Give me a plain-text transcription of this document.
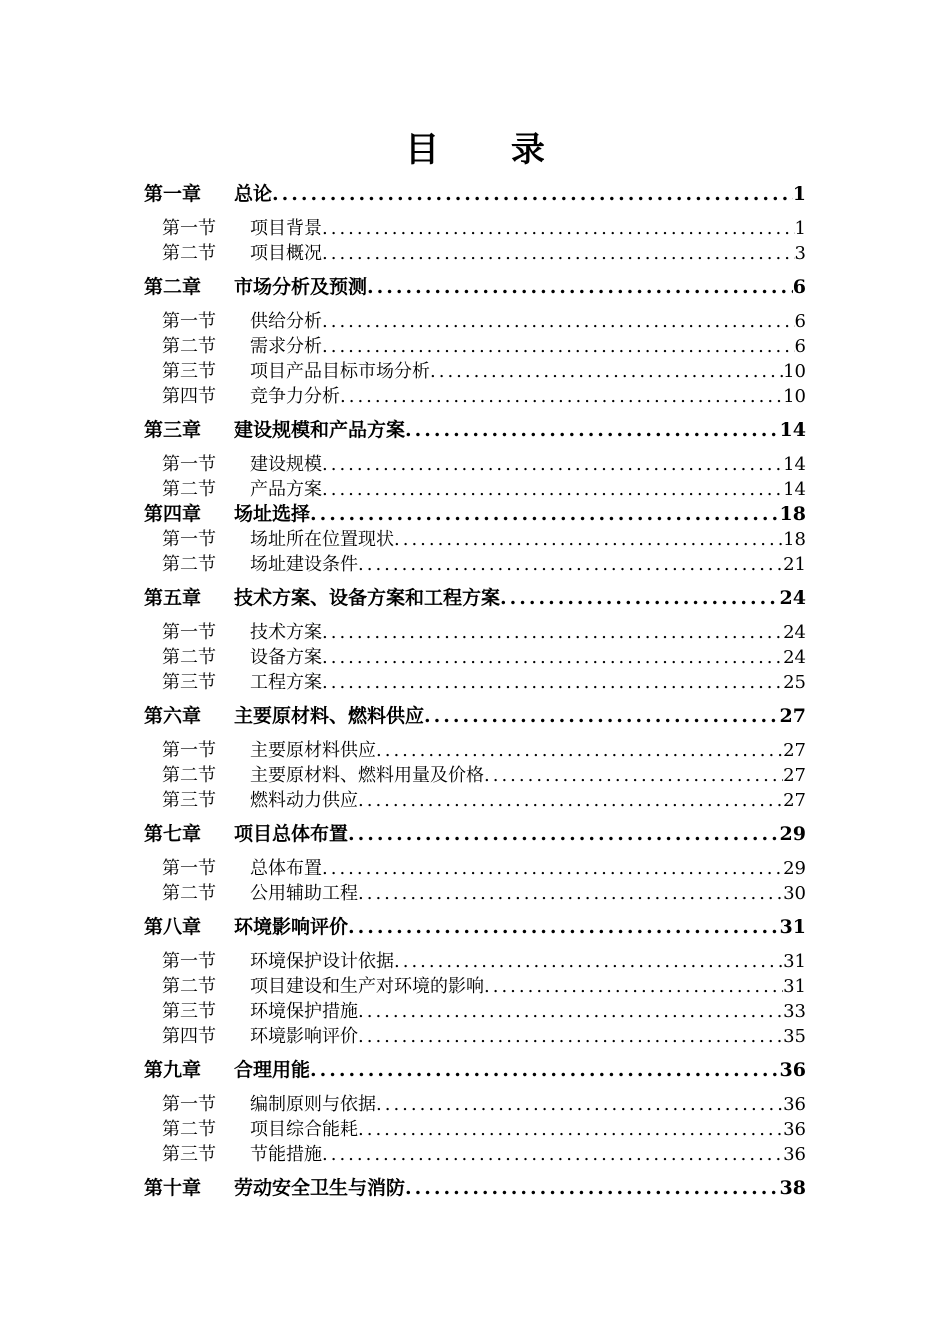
目 录
第一章	总论 .....	1
第一节	项目背景 .....	1
第二节	项目概况 .....	3
第二章	市场分析及预测 .....	6
第一节	供给分析 .....	6
第二节	需求分析 .....	6
第三节	项目产品目标市场分析 .....	10
第四节	竞争力分析 .....	10
第三章	建设规模和产品方案 .....	14
第一节	建设规模 .....	14
第二节	产品方案 .....	14
第四章	场址选择 .....	18
第一节	场址所在位置现状 .....	18
第二节	场址建设条件 .....	21
第五章	技术方案、设备方案和工程方案 .....	24
第一节	技术方案 .....	24
第二节	设备方案 .....	24
第三节	工程方案 .....	25
第六章	主要原材料、燃料供应 .....	27
第一节	主要原材料供应 .....	27
第二节	主要原材料、燃料用量及价格 .....	27
第三节	燃料动力供应 .....	27
第七章	项目总体布置 .....	29
第一节	总体布置 .....	29
第二节	公用辅助工程 .....	30
第八章	环境影响评价 .....	31
第一节	环境保护设计依据 .....	31
第二节	项目建设和生产对环境的影响 .....	31
第三节	环境保护措施 .....	33
第四节	环境影响评价 .....	35
第九章	合理用能 .....	36
第一节	编制原则与依据 .....	36
第二节	项目综合能耗 .....	36
第三节	节能措施 .....	36
第十章	劳动安全卫生与消防 .....	38
